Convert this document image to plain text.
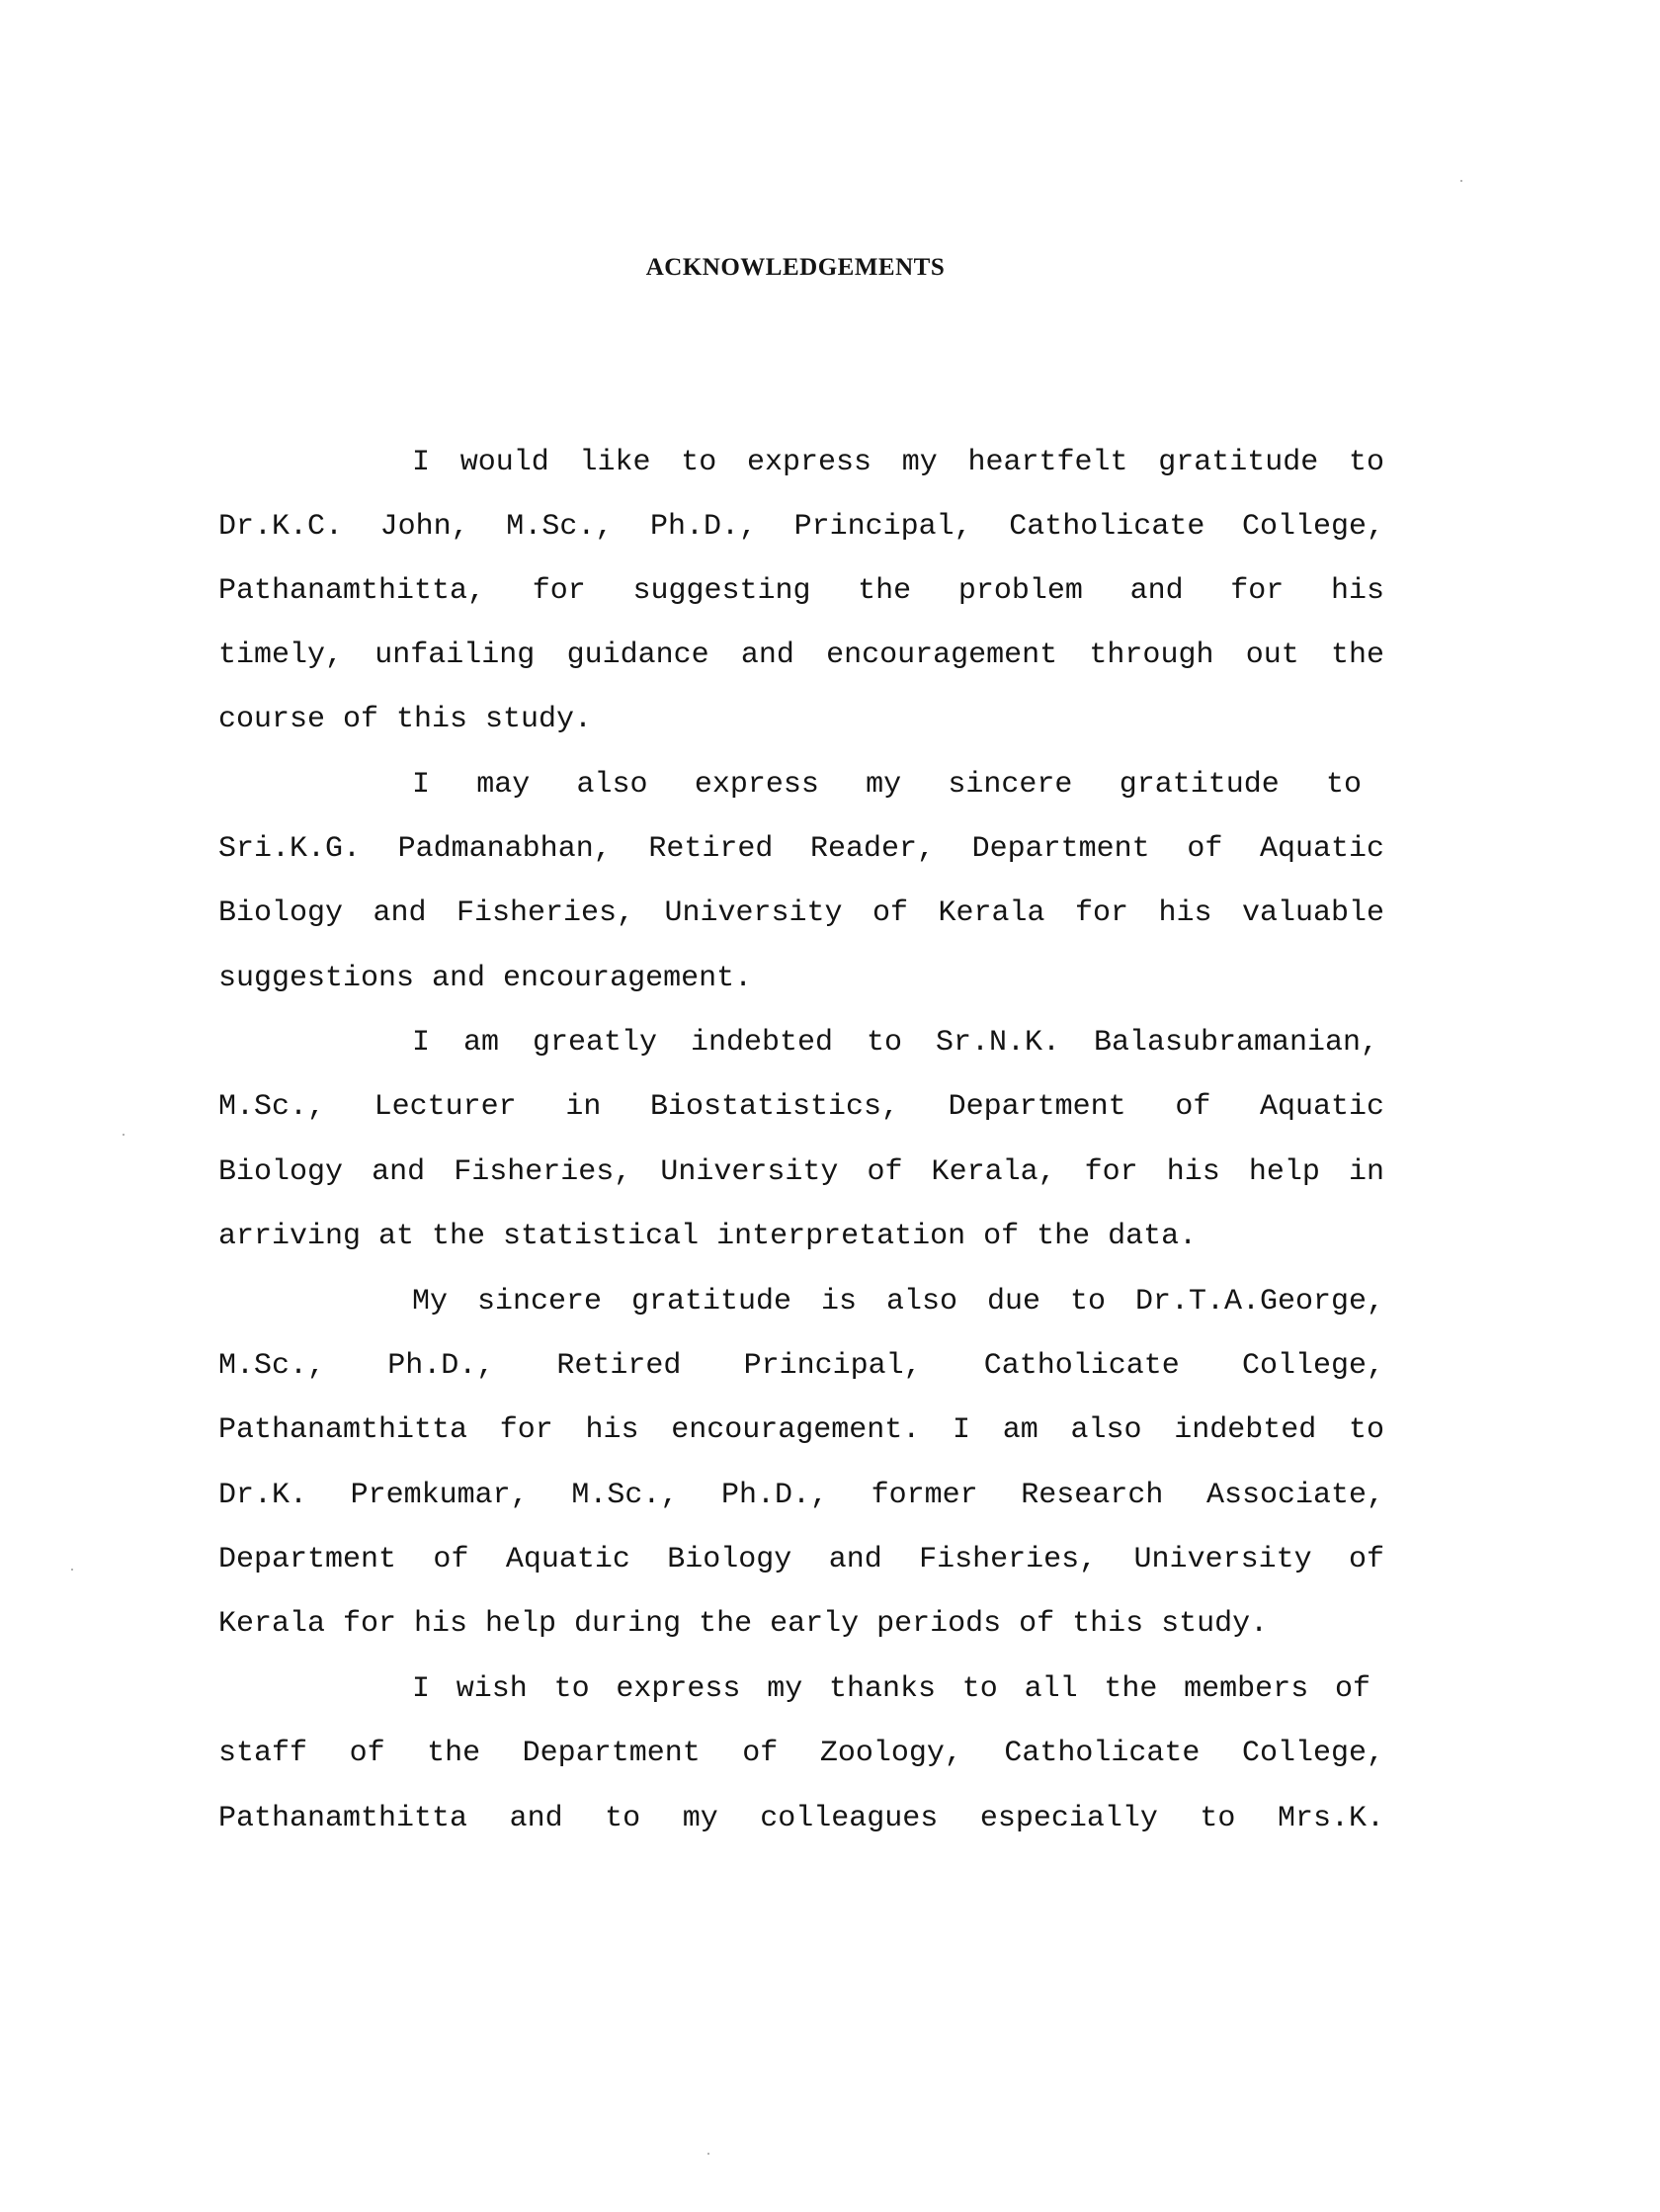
ACKNOWLEDGEMENTS
I would like to express my heartfelt gratitude to
Dr.K.C. John, M.Sc., Ph.D., Principal, Catholicate College,
Pathanamthitta, for suggesting the problem and for his
timely, unfailing guidance and encouragement through out the
course of this study.
I may also express my sincere gratitude to
Sri.K.G. Padmanabhan, Retired Reader, Department of Aquatic
Biology and Fisheries, University of Kerala for his valuable
suggestions and encouragement.
I am greatly indebted to Sr.N.K. Balasubramanian,
M.Sc., Lecturer in Biostatistics, Department of Aquatic
Biology and Fisheries, University of Kerala, for his help in
arriving at the statistical interpretation of the data.
My sincere gratitude is also due to Dr.T.A.George,
M.Sc., Ph.D., Retired Principal, Catholicate College,
Pathanamthitta for his encouragement. I am also indebted to
Dr.K. Premkumar, M.Sc., Ph.D., former Research Associate,
Department of Aquatic Biology and Fisheries, University of
Kerala for his help during the early periods of this study.
I wish to express my thanks to all the members of
staff of the Department of Zoology, Catholicate College,
Pathanamthitta and to my colleagues especially to Mrs.K.
